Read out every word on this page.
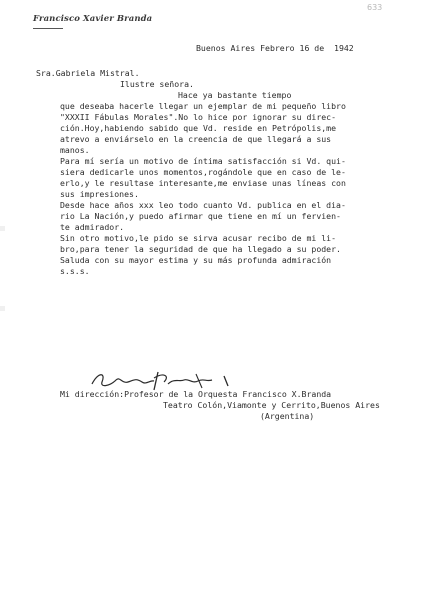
Francisco Xavier Branda
633
Buenos Aires Febrero 16 de  1942
Sra.Gabriela Mistral.
Ilustre señora.
Hace ya bastante tiempo
que deseaba hacerle llegar un ejemplar de mi pequeño libro
"XXXII Fábulas Morales".No lo hice por ignorar su direc-
ción.Hoy,habiendo sabido que Vd. reside en Petrópolis,me
atrevo a enviárselo en la creencia de que llegará a sus
manos.
Para mí sería un motivo de íntima satisfacción si Vd. qui-
siera dedicarle unos momentos,rogándole que en caso de le-
erlo,y le resultase interesante,me enviase unas líneas con
sus impresiones.
Desde hace años xxx leo todo cuanto Vd. publica en el dia-
rio La Nación,y puedo afirmar que tiene en mí un fervien-
te admirador.
Sin otro motivo,le pido se sirva acusar recibo de mi li-
bro,para tener la seguridad de que ha llegado a su poder.
Saluda con su mayor estima y su más profunda admiración
s.s.s.
Mi dirección:Profesor de la Orquesta Francisco X.Branda
Teatro Colón,Viamonte y Cerrito,Buenos Aires
(Argentina)
